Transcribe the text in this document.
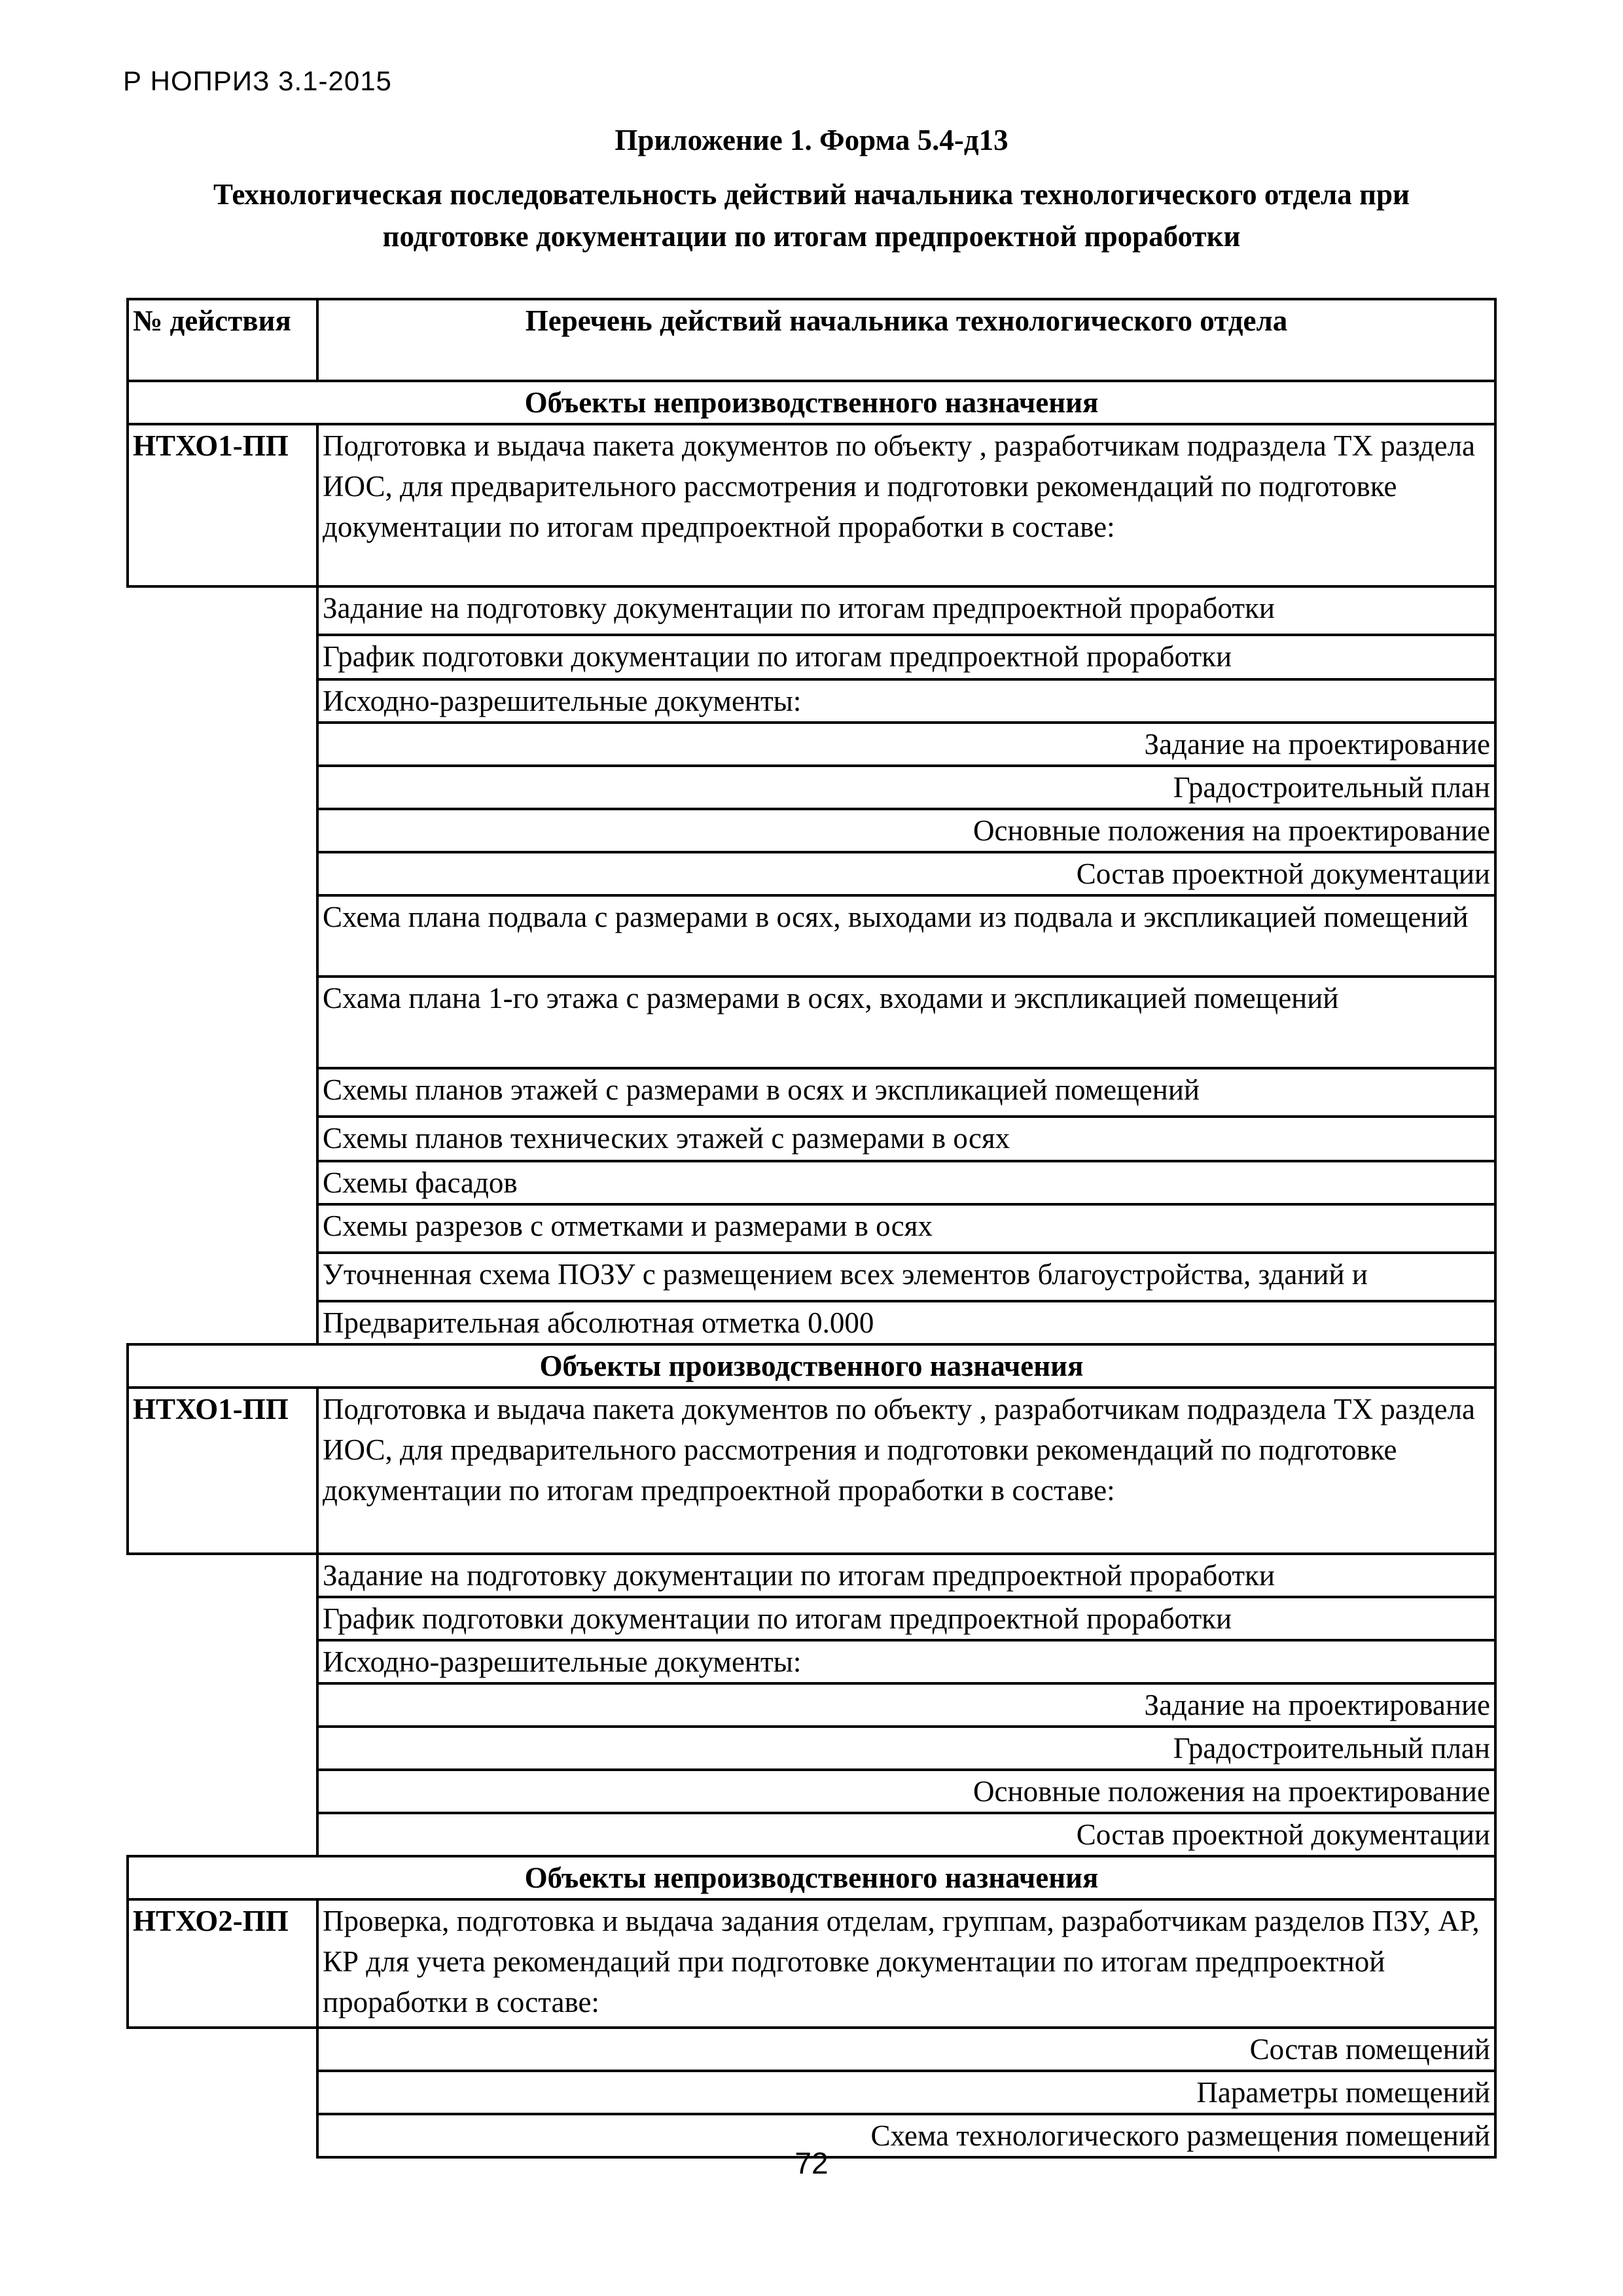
Р НОПРИЗ 3.1-2015
Приложение 1. Форма 5.4-д13
Технологическая последовательность действий начальника технологического отдела при
подготовке документации по итогам предпроектной проработки
№ действия	Перечень действий начальника технологического отдела
Объекты непроизводственного назначения	
НТХО1-ПП	Подготовка и выдача пакета документов по объекту , разработчикам подраздела ТХ раздела ИОС, для предварительного рассмотрения и подготовки рекомендаций по подготовке документации по итогам предпроектной проработки в составе:
	Задание на подготовку документации по итогам предпроектной проработки
	График подготовки документации по итогам предпроектной проработки
	Исходно-разрешительные документы:
	Задание на проектирование
	Градостроительный план
	Основные положения на проектирование
	Состав проектной документации
	Схема плана подвала с размерами в осях, выходами из подвала и экспликацией помещений
	Схама плана 1-го этажа с размерами в осях, входами и экспликацией помещений
	Схемы планов этажей с размерами в осях и экспликацией помещений
	Схемы планов технических этажей с размерами в осях
	Схемы фасадов
	Схемы разрезов с отметками и размерами в осях
	Уточненная схема ПОЗУ с размещением всех элементов благоустройства, зданий и
	Предварительная абсолютная отметка 0.000
Объекты производственного назначения	
НТХО1-ПП	Подготовка и выдача пакета документов по объекту , разработчикам подраздела ТХ раздела ИОС, для предварительного рассмотрения и подготовки рекомендаций по подготовке документации по итогам предпроектной проработки в составе:
	Задание на подготовку документации по итогам предпроектной проработки
	График подготовки документации по итогам предпроектной проработки
	Исходно-разрешительные документы:
	Задание на проектирование
	Градостроительный план
	Основные положения на проектирование
	Состав проектной документации
Объекты непроизводственного назначения	
НТХО2-ПП	Проверка, подготовка и выдача задания отделам, группам, разработчикам разделов ПЗУ, АР, КР для учета рекомендаций при подготовке документации по итогам предпроектной проработки в составе:
	Состав помещений
	Параметры помещений
	Схема технологического размещения помещений
72
